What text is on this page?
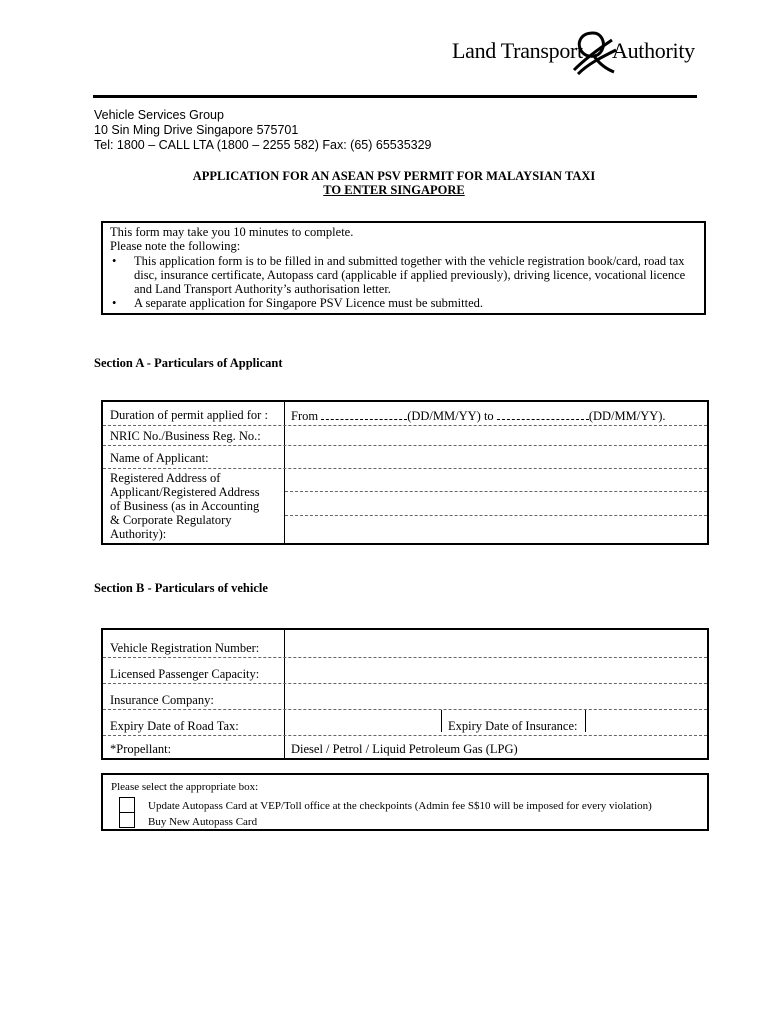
Land Transport Authority
Vehicle Services Group
10 Sin Ming Drive Singapore 575701
Tel: 1800 – CALL LTA (1800 – 2255 582) Fax: (65) 65535329
APPLICATION FOR AN ASEAN PSV PERMIT FOR MALAYSIAN TAXI
TO ENTER SINGAPORE
This form may take you 10 minutes to complete.
Please note the following:
• This application form is to be filled in and submitted together with the vehicle registration book/card, road tax disc, insurance certificate, Autopass card (applicable if applied previously), driving licence, vocational licence and Land Transport Authority’s authorisation letter.
• A separate application for Singapore PSV Licence must be submitted.
Section A - Particulars of Applicant
Duration of permit applied for : From	(DD/MM/YY) to	(DD/MM/YY).
NRIC No./Business Reg. No.:
Name of Applicant:
Registered Address of
Applicant/Registered Address
of Business (as in Accounting
& Corporate Regulatory
Authority):
Section B - Particulars of vehicle
Vehicle Registration Number:
Licensed Passenger Capacity:
Insurance Company:
Expiry Date of Road Tax:	Expiry Date of Insurance:
*Propellant:	Diesel / Petrol / Liquid Petroleum Gas (LPG)
Please select the appropriate box:
Update Autopass Card at VEP/Toll office at the checkpoints (Admin fee S$10 will be imposed for every violation)
Buy New Autopass Card
